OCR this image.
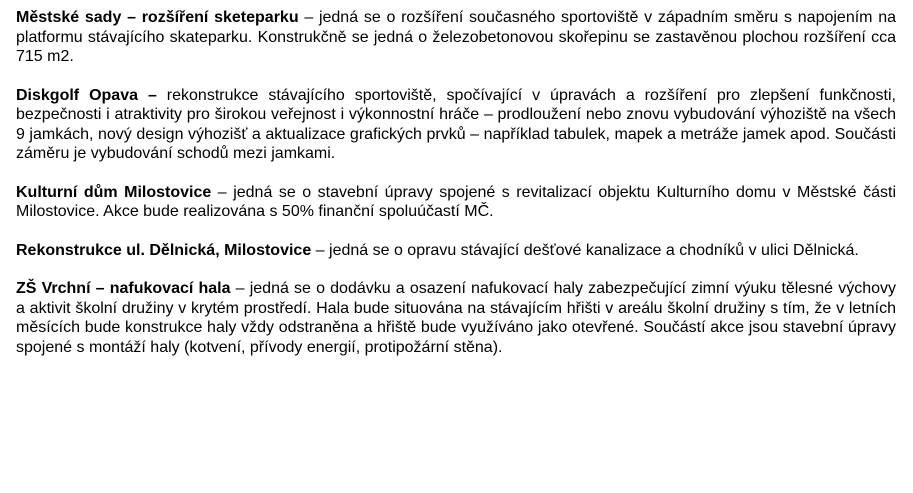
Městské sady – rozšíření sketeparku – jedná se o rozšíření současného sportoviště v západním směru s napojením na platformu stávajícího skateparku. Konstrukčně se jedná o železobetonovou skořepinu se zastavěnou plochou rozšíření cca 715 m2.

Diskgolf Opava – rekonstrukce stávajícího sportoviště, spočívající v úpravách a rozšíření pro zlepšení funkčnosti, bezpečnosti i atraktivity pro širokou veřejnost i výkonnostní hráče – prodloužení nebo znovu vybudování výhoziště na všech 9 jamkách, nový design výhozišť a aktualizace grafických prvků – například tabulek, mapek a metráže jamek apod. Součásti záměru je vybudování schodů mezi jamkami.

Kulturní dům Milostovice – jedná se o stavební úpravy spojené s revitalizací objektu Kulturního domu v Městské části Milostovice. Akce bude realizována s 50% finanční spoluúčastí MČ.

Rekonstrukce ul. Dělnická, Milostovice – jedná se o opravu stávající dešťové kanalizace a chodníků v ulici Dělnická.

ZŠ Vrchní – nafukovací hala – jedná se o dodávku a osazení nafukovací haly zabezpečující zimní výuku tělesné výchovy a aktivit školní družiny v krytém prostředí. Hala bude situována na stávajícím hřišti v areálu školní družiny s tím, že v letních měsících bude konstrukce haly vždy odstraněna a hřiště bude využíváno jako otevřené. Součástí akce jsou stavební úpravy spojené s montáží haly (kotvení, přívody energií, protipožární stěna).
